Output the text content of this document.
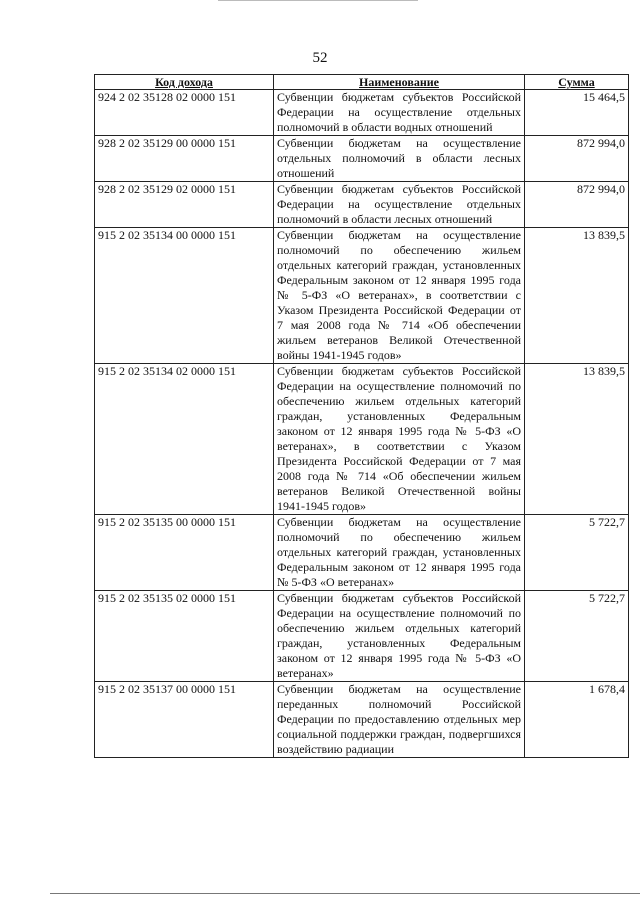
52
Код дохода	Наименование	Сумма
924 2 02 35128 02 0000 151	Субвенции бюджетам субъектов Российской Федерации на осуществление отдельных полномочий в области водных отношений	15 464,5
928 2 02 35129 00 0000 151	Субвенции бюджетам на осуществление отдельных полномочий в области лесных отношений	872 994,0
928 2 02 35129 02 0000 151	Субвенции бюджетам субъектов Российской Федерации на осуществление отдельных полномочий в области лесных отношений	872 994,0
915 2 02 35134 00 0000 151	Субвенции бюджетам на осуществление полномочий по обеспечению жильем отдельных категорий граждан, установленных Федеральным законом от 12 января 1995 года № 5-ФЗ «О ветеранах», в соответствии с Указом Президента Российской Федерации от 7 мая 2008 года № 714 «Об обеспечении жильем ветеранов Великой Отечественной войны 1941-1945 годов»	13 839,5
915 2 02 35134 02 0000 151	Субвенции бюджетам субъектов Российской Федерации на осуществление полномочий по обеспечению жильем отдельных категорий граждан, установленных Федеральным законом от 12 января 1995 года № 5-ФЗ «О ветеранах», в соответствии с Указом Президента Российской Федерации от 7 мая 2008 года № 714 «Об обеспечении жильем ветеранов Великой Отечественной войны 1941-1945 годов»	13 839,5
915 2 02 35135 00 0000 151	Субвенции бюджетам на осуществление полномочий по обеспечению жильем отдельных категорий граждан, установленных Федеральным законом от 12 января 1995 года № 5-ФЗ «О ветеранах»	5 722,7
915 2 02 35135 02 0000 151	Субвенции бюджетам субъектов Российской Федерации на осуществление полномочий по обеспечению жильем отдельных категорий граждан, установленных Федеральным законом от 12 января 1995 года № 5-ФЗ «О ветеранах»	5 722,7
915 2 02 35137 00 0000 151	Субвенции бюджетам на осуществление переданных полномочий Российской Федерации по предоставлению отдельных мер социальной поддержки граждан, подвергшихся воздействию радиации	1 678,4
